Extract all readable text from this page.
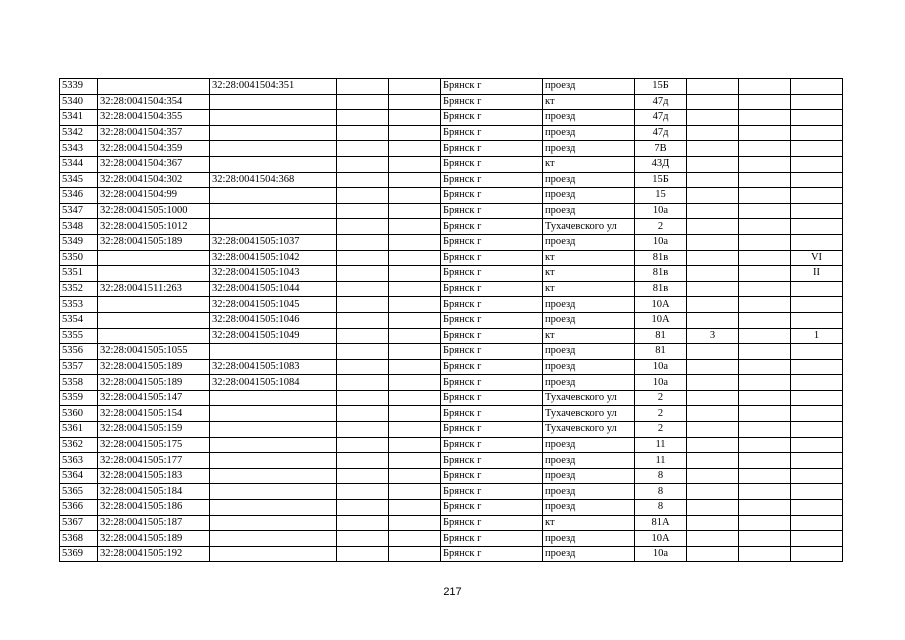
5339		32:28:0041504:351			Брянск г	проезд	15Б			
5340	32:28:0041504:354				Брянск г	кт	47д			
5341	32:28:0041504:355				Брянск г	проезд	47д			
5342	32:28:0041504:357				Брянск г	проезд	47д			
5343	32:28:0041504:359				Брянск г	проезд	7В			
5344	32:28:0041504:367				Брянск г	кт	43Д			
5345	32:28:0041504:302	32:28:0041504:368			Брянск г	проезд	15Б			
5346	32:28:0041504:99				Брянск г	проезд	15			
5347	32:28:0041505:1000				Брянск г	проезд	10а			
5348	32:28:0041505:1012				Брянск г	Тухачевского ул	2			
5349	32:28:0041505:189	32:28:0041505:1037			Брянск г	проезд	10а			
5350		32:28:0041505:1042			Брянск г	кт	81в			VI
5351		32:28:0041505:1043			Брянск г	кт	81в			II
5352	32:28:0041511:263	32:28:0041505:1044			Брянск г	кт	81в			
5353		32:28:0041505:1045			Брянск г	проезд	10А			
5354		32:28:0041505:1046			Брянск г	проезд	10А			
5355		32:28:0041505:1049			Брянск г	кт	81	3		1
5356	32:28:0041505:1055				Брянск г	проезд	81			
5357	32:28:0041505:189	32:28:0041505:1083			Брянск г	проезд	10а			
5358	32:28:0041505:189	32:28:0041505:1084			Брянск г	проезд	10а			
5359	32:28:0041505:147				Брянск г	Тухачевского ул	2			
5360	32:28:0041505:154				Брянск г	Тухачевского ул	2			
5361	32:28:0041505:159				Брянск г	Тухачевского ул	2			
5362	32:28:0041505:175				Брянск г	проезд	11			
5363	32:28:0041505:177				Брянск г	проезд	11			
5364	32:28:0041505:183				Брянск г	проезд	8			
5365	32:28:0041505:184				Брянск г	проезд	8			
5366	32:28:0041505:186				Брянск г	проезд	8			
5367	32:28:0041505:187				Брянск г	кт	81А			
5368	32:28:0041505:189				Брянск г	проезд	10А			
5369	32:28:0041505:192				Брянск г	проезд	10а			
217
